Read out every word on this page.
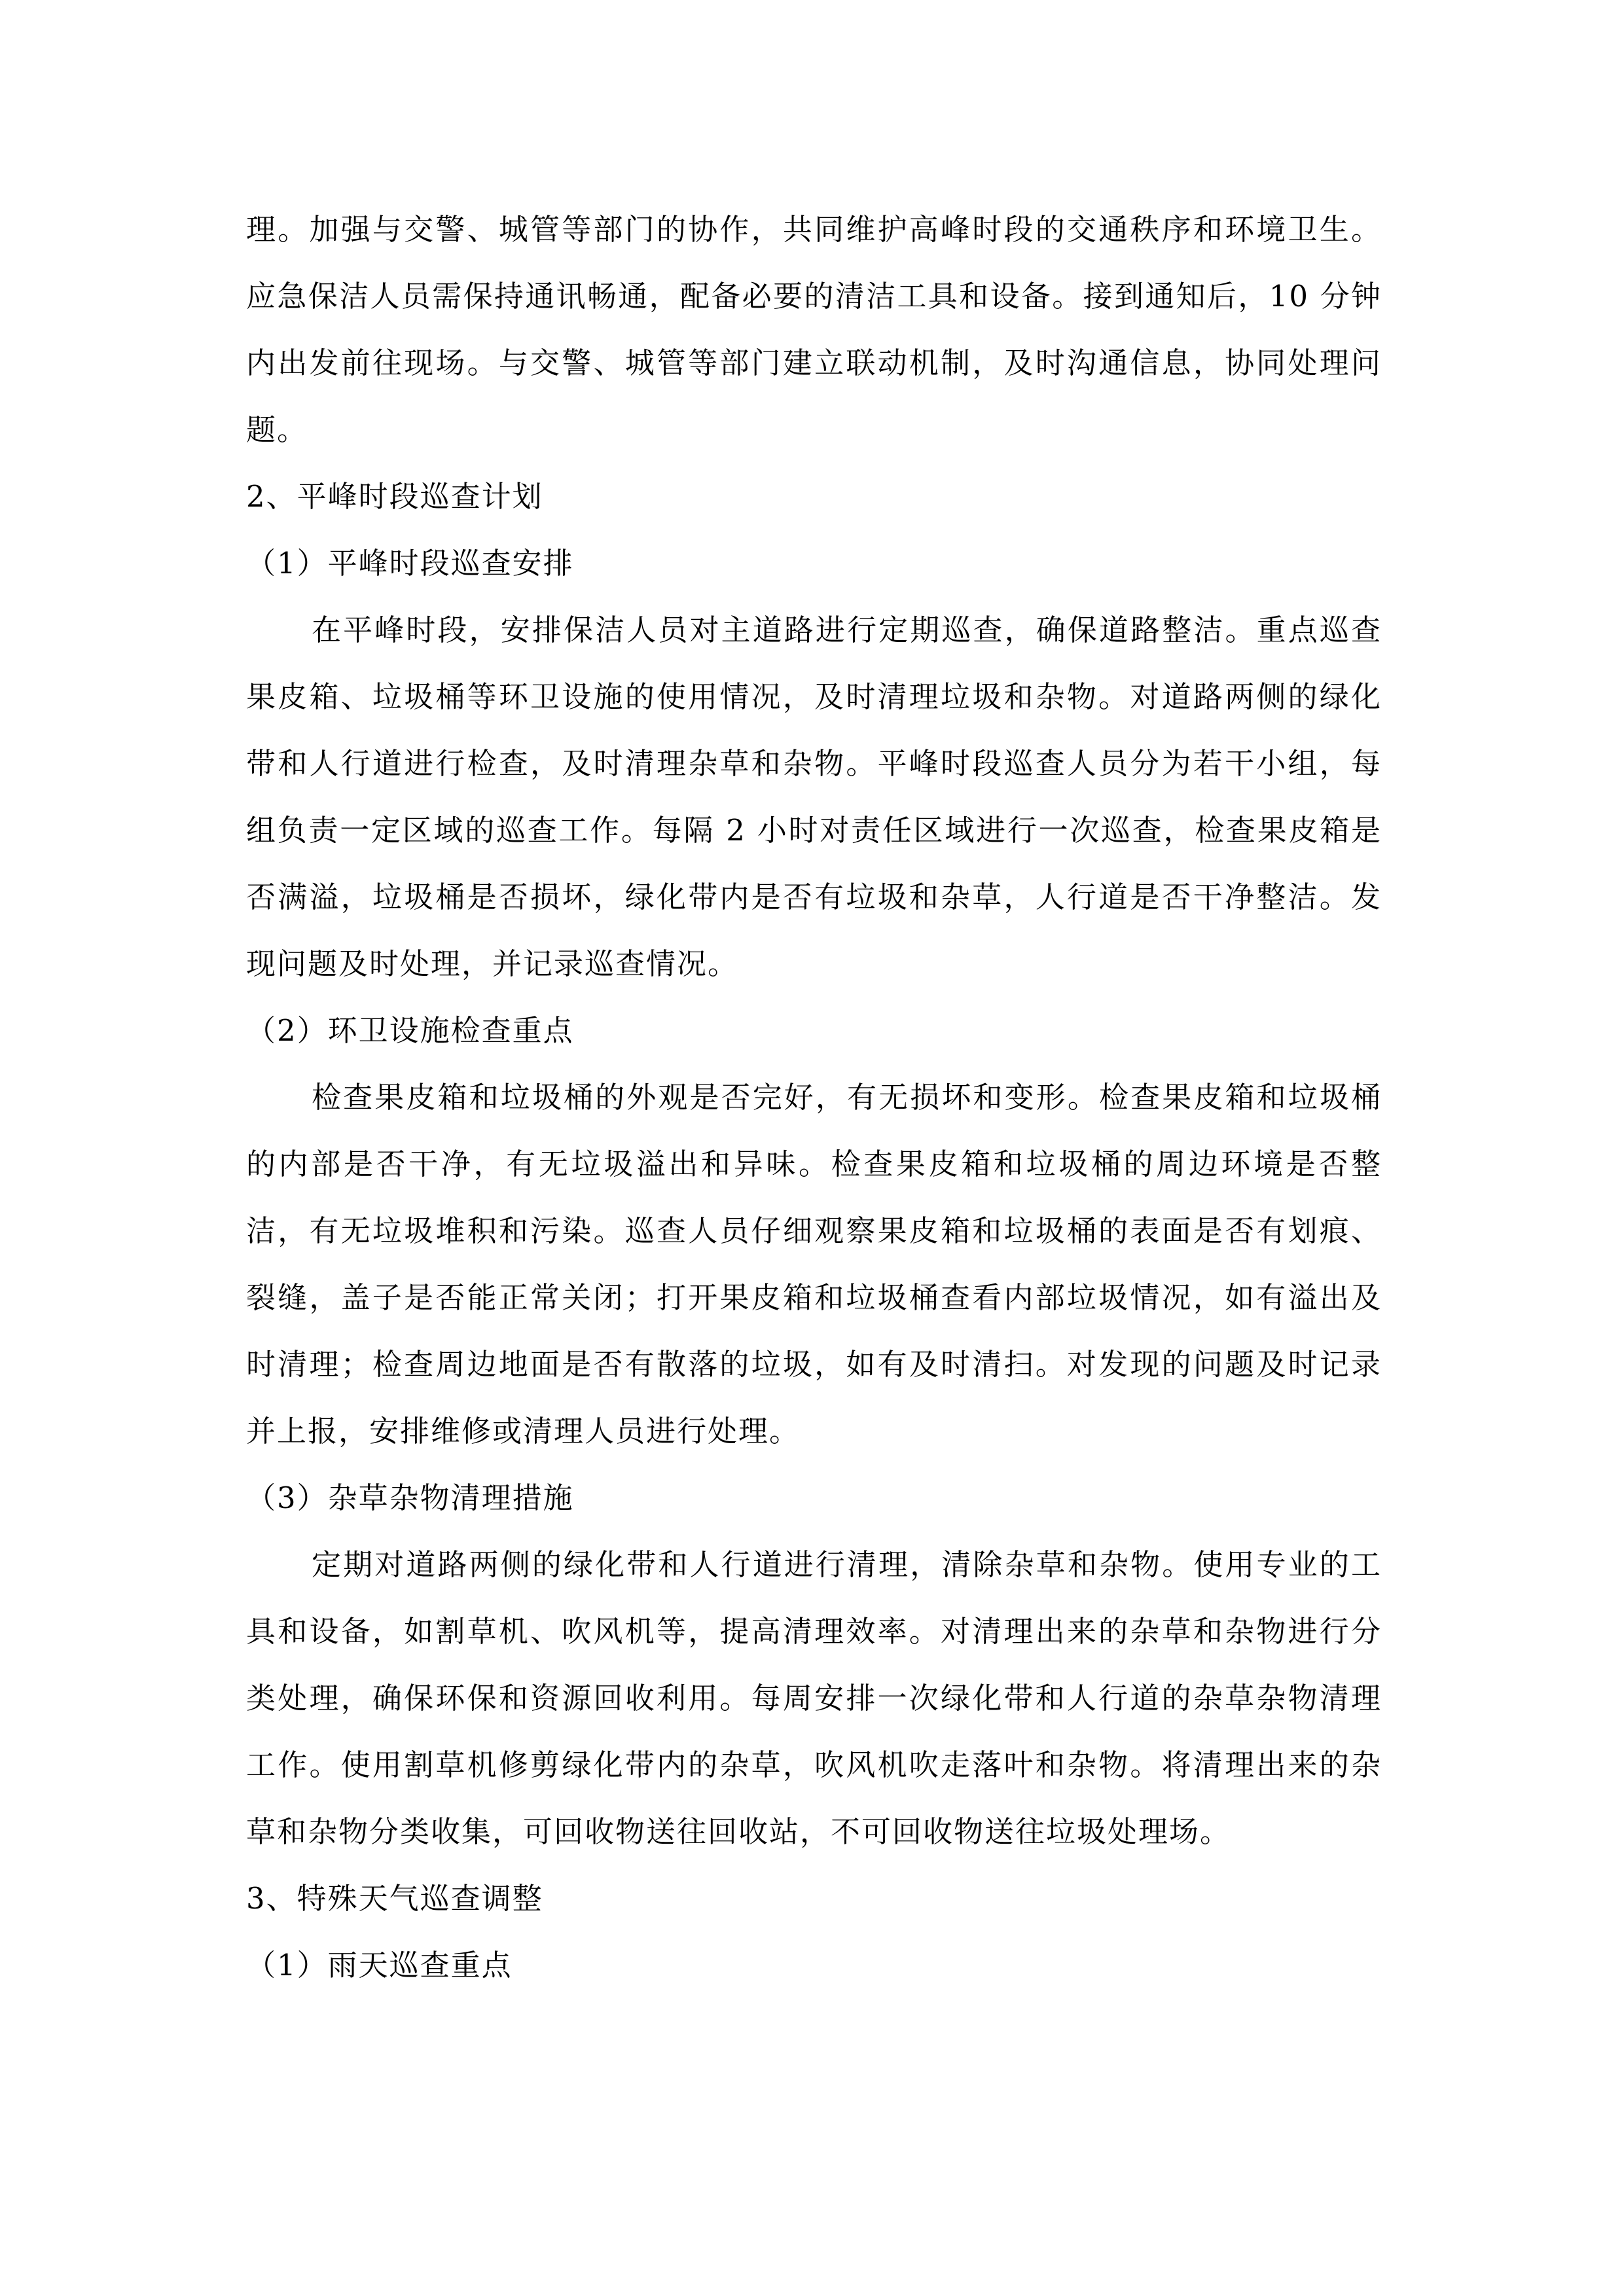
理。加强与交警、城管等部门的协作，共同维护高峰时段的交通秩序和环境卫生。应急保洁人员需保持通讯畅通，配备必要的清洁工具和设备。接到通知后，10 分钟内出发前往现场。与交警、城管等部门建立联动机制，及时沟通信息，协同处理问题。

2、平峰时段巡查计划

（1）平峰时段巡查安排

在平峰时段，安排保洁人员对主道路进行定期巡查，确保道路整洁。重点巡查果皮箱、垃圾桶等环卫设施的使用情况，及时清理垃圾和杂物。对道路两侧的绿化带和人行道进行检查，及时清理杂草和杂物。平峰时段巡查人员分为若干小组，每组负责一定区域的巡查工作。每隔 2 小时对责任区域进行一次巡查，检查果皮箱是否满溢，垃圾桶是否损坏，绿化带内是否有垃圾和杂草，人行道是否干净整洁。发现问题及时处理，并记录巡查情况。

（2）环卫设施检查重点

检查果皮箱和垃圾桶的外观是否完好，有无损坏和变形。检查果皮箱和垃圾桶的内部是否干净，有无垃圾溢出和异味。检查果皮箱和垃圾桶的周边环境是否整洁，有无垃圾堆积和污染。巡查人员仔细观察果皮箱和垃圾桶的表面是否有划痕、裂缝，盖子是否能正常关闭；打开果皮箱和垃圾桶查看内部垃圾情况，如有溢出及时清理；检查周边地面是否有散落的垃圾，如有及时清扫。对发现的问题及时记录并上报，安排维修或清理人员进行处理。

（3）杂草杂物清理措施

定期对道路两侧的绿化带和人行道进行清理，清除杂草和杂物。使用专业的工具和设备，如割草机、吹风机等，提高清理效率。对清理出来的杂草和杂物进行分类处理，确保环保和资源回收利用。每周安排一次绿化带和人行道的杂草杂物清理工作。使用割草机修剪绿化带内的杂草，吹风机吹走落叶和杂物。将清理出来的杂草和杂物分类收集，可回收物送往回收站，不可回收物送往垃圾处理场。

3、特殊天气巡查调整

（1）雨天巡查重点
